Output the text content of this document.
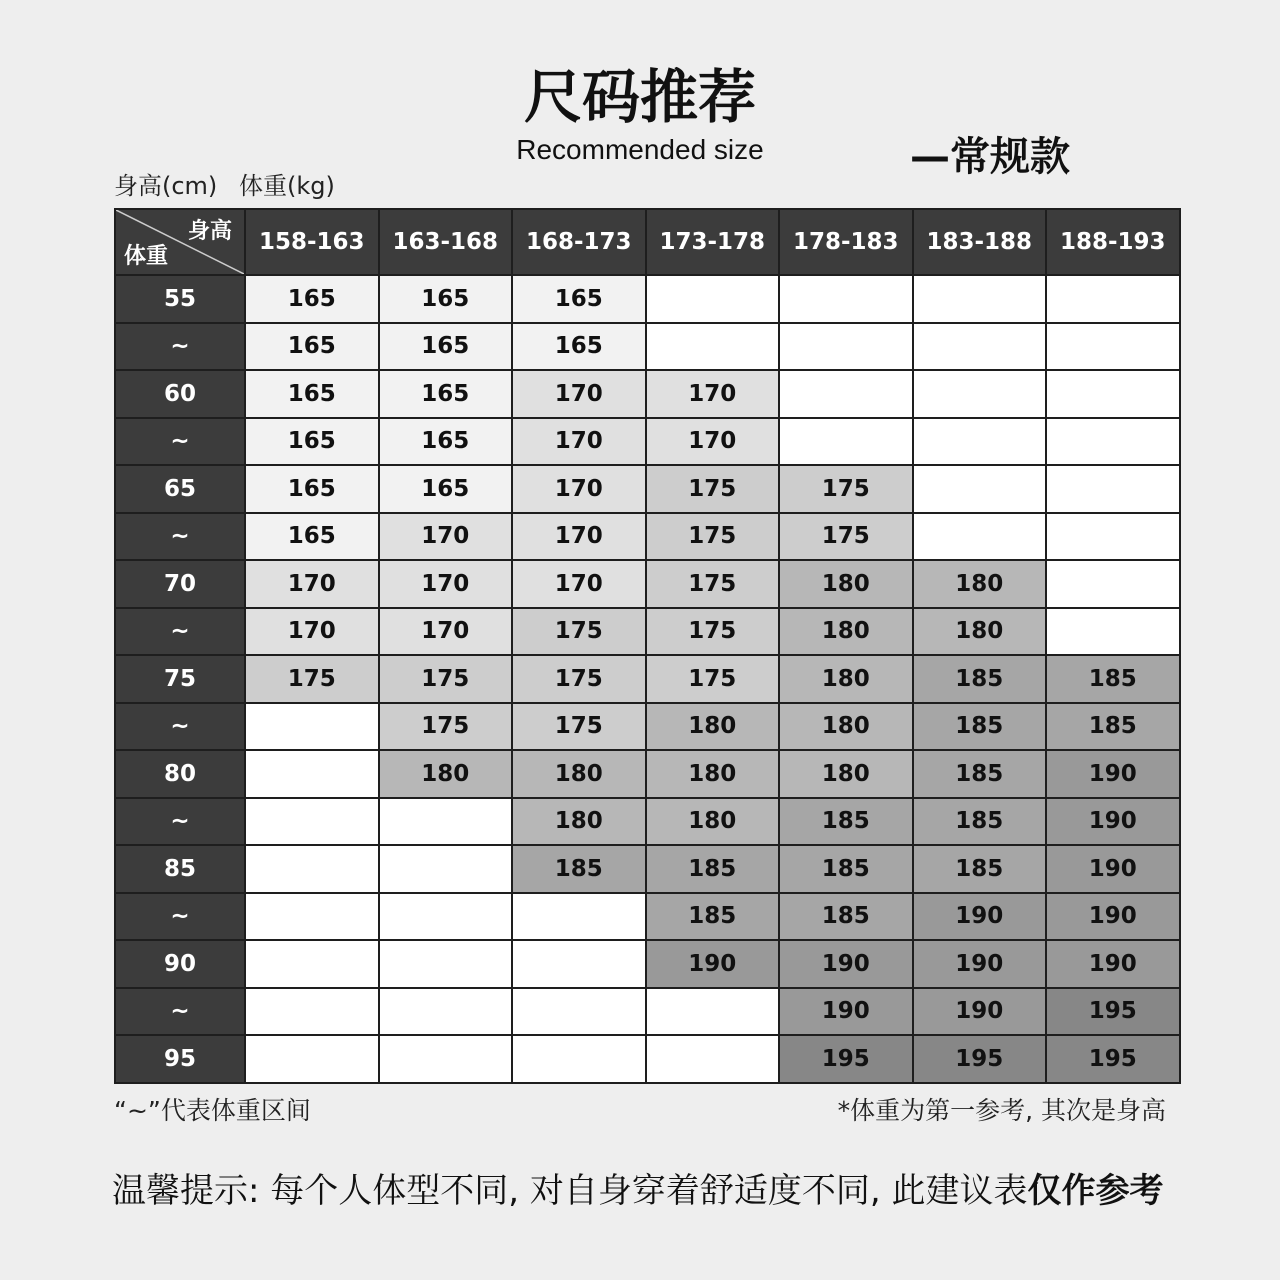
尺码推荐
Recommended size	—常规款
身高(cm) 体重(kg)
身高
体重	158-163	163-168	168-173	173-178	178-183	183-188	188-193
55	165	165	165				
~	165	165	165				
60	165	165	170	170			
~	165	165	170	170			
65	165	165	170	175	175		
~	165	170	170	175	175		
70	170	170	170	175	180	180	
~	170	170	175	175	180	180	
75	175	175	175	175	180	185	185
~		175	175	180	180	185	185
80		180	180	180	180	185	190
~			180	180	185	185	190
85			185	185	185	185	190
~				185	185	190	190
90				190	190	190	190
~					190	190	195
95					195	195	195
“~”代表体重区间	*体重为第一参考, 其次是身高
温馨提示: 每个人体型不同, 对自身穿着舒适度不同, 此建议表仅作参考
